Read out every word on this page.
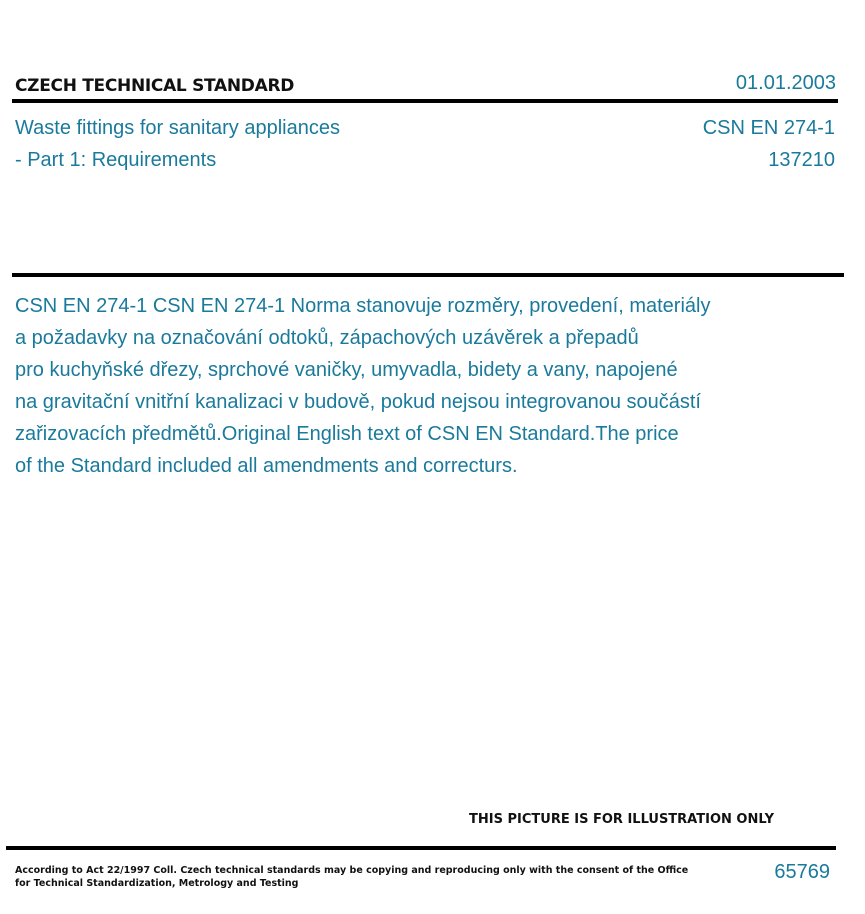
CZECH TECHNICAL STANDARD	01.01.2003
Waste fittings for sanitary appliances
- Part 1: Requirements
CSN EN 274-1
137210
CSN EN 274-1 CSN EN 274-1 Norma stanovuje rozměry, provedení, materiály
a požadavky na označování odtoků, zápachových uzávěrek a přepadů
pro kuchyňské dřezy, sprchové vaničky, umyvadla, bidety a vany, napojené
na gravitační vnitřní kanalizaci v budově, pokud nejsou integrovanou součástí
zařizovacích předmětů.Original English text of CSN EN Standard.The price
of the Standard included all amendments and correcturs.
THIS PICTURE IS FOR ILLUSTRATION ONLY
According to Act 22/1997 Coll. Czech technical standards may be copying and reproducing only with the consent of the Office
for Technical Standardization, Metrology and Testing
65769
